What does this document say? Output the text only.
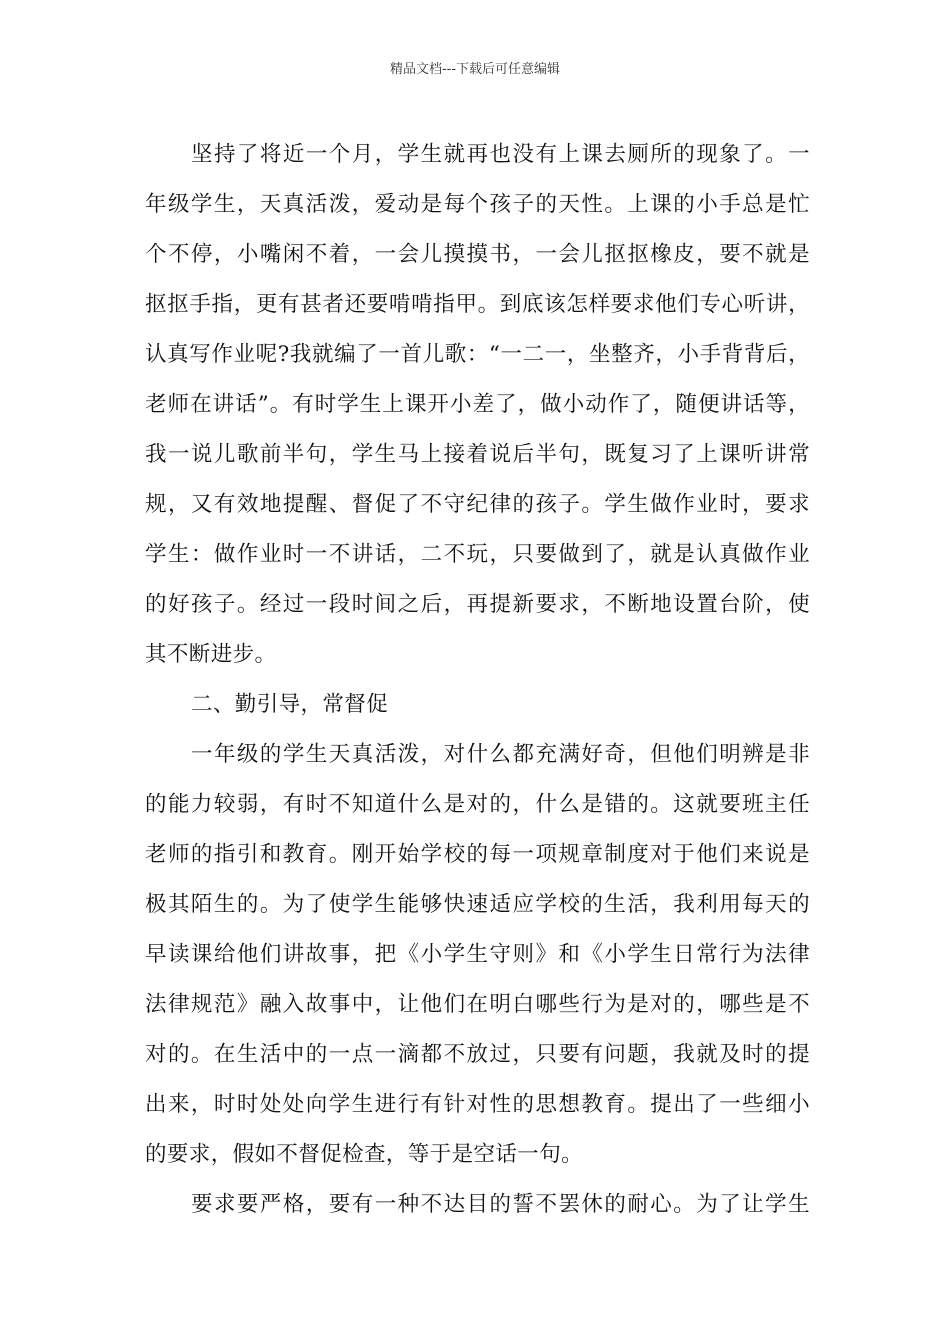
精品文档---下载后可任意编辑
坚持了将近一个月，学生就再也没有上课去厕所的现象了。一
年级学生，天真活泼，爱动是每个孩子的天性。上课的小手总是忙
个不停，小嘴闲不着，一会儿摸摸书，一会儿抠抠橡皮，要不就是
抠抠手指，更有甚者还要啃啃指甲。到底该怎样要求他们专心听讲，
认真写作业呢?我就编了一首儿歌：“一二一，坐整齐，小手背背后，
老师在讲话”。有时学生上课开小差了，做小动作了，随便讲话等，
我一说儿歌前半句，学生马上接着说后半句，既复习了上课听讲常
规，又有效地提醒、督促了不守纪律的孩子。学生做作业时，要求
学生：做作业时一不讲话，二不玩，只要做到了，就是认真做作业
的好孩子。经过一段时间之后，再提新要求，不断地设置台阶，使
其不断进步。
二、勤引导，常督促
一年级的学生天真活泼，对什么都充满好奇，但他们明辨是非
的能力较弱，有时不知道什么是对的，什么是错的。这就要班主任
老师的指引和教育。刚开始学校的每一项规章制度对于他们来说是
极其陌生的。为了使学生能够快速适应学校的生活，我利用每天的
早读课给他们讲故事，把《小学生守则》和《小学生日常行为法律
法律规范》融入故事中，让他们在明白哪些行为是对的，哪些是不
对的。在生活中的一点一滴都不放过，只要有问题，我就及时的提
出来，时时处处向学生进行有针对性的思想教育。提出了一些细小
的要求，假如不督促检查，等于是空话一句。
要求要严格，要有一种不达目的誓不罢休的耐心。为了让学生
